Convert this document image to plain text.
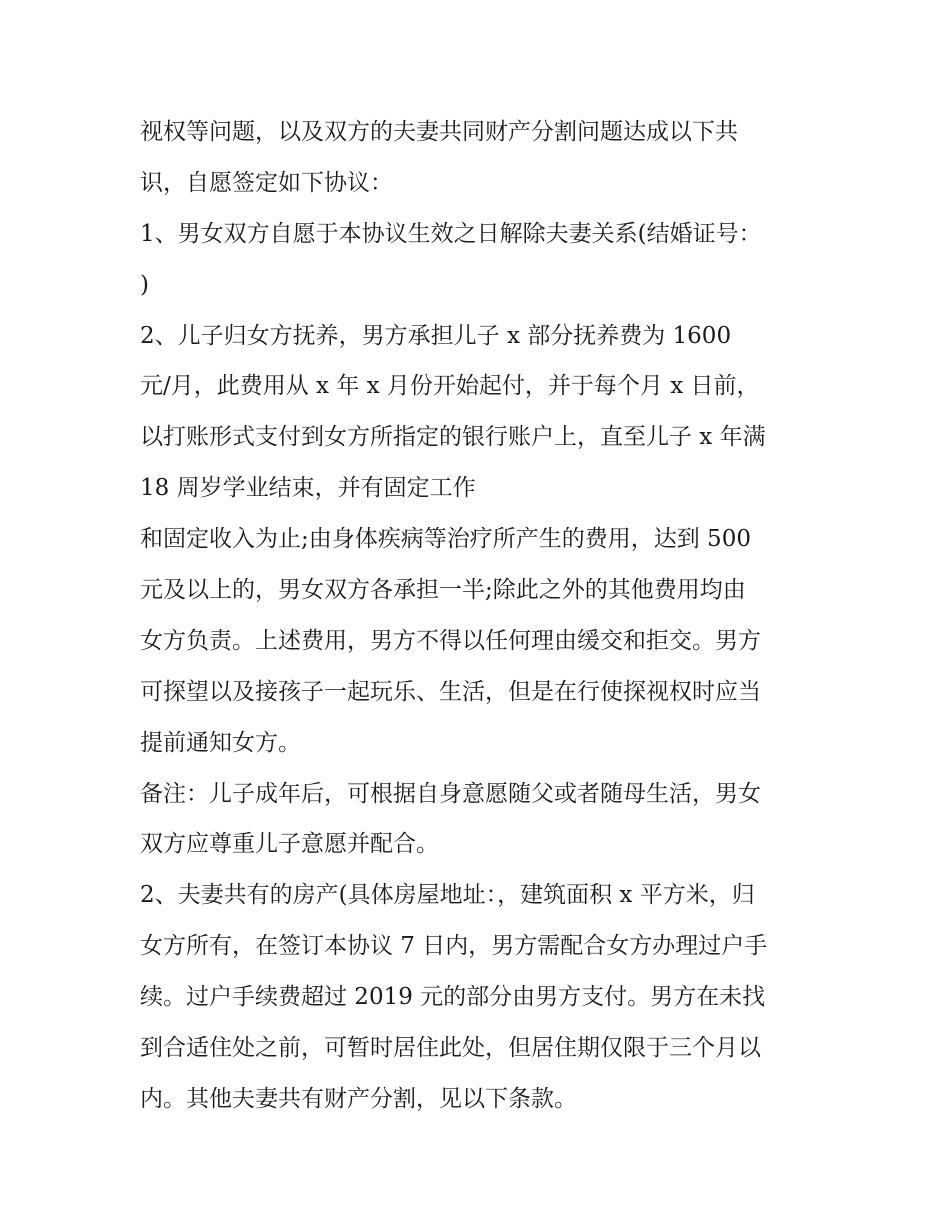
视权等问题，以及双方的夫妻共同财产分割问题达成以下共
识，自愿签定如下协议：
1、男女双方自愿于本协议生效之日解除夫妻关系(结婚证号：
)
2、儿子归女方抚养，男方承担儿子 x 部分抚养费为 1600
元/月，此费用从 x 年 x 月份开始起付，并于每个月 x 日前，
以打账形式支付到女方所指定的银行账户上，直至儿子 x 年满
18 周岁学业结束，并有固定工作
和固定收入为止;由身体疾病等治疗所产生的费用，达到 500
元及以上的，男女双方各承担一半;除此之外的其他费用均由
女方负责。上述费用，男方不得以任何理由缓交和拒交。男方
可探望以及接孩子一起玩乐、生活，但是在行使探视权时应当
提前通知女方。
备注：儿子成年后，可根据自身意愿随父或者随母生活，男女
双方应尊重儿子意愿并配合。
2、夫妻共有的房产(具体房屋地址：，建筑面积 x 平方米，归
女方所有，在签订本协议 7 日内，男方需配合女方办理过户手
续。过户手续费超过 2019 元的部分由男方支付。男方在未找
到合适住处之前，可暂时居住此处，但居住期仅限于三个月以
内。其他夫妻共有财产分割，见以下条款。
